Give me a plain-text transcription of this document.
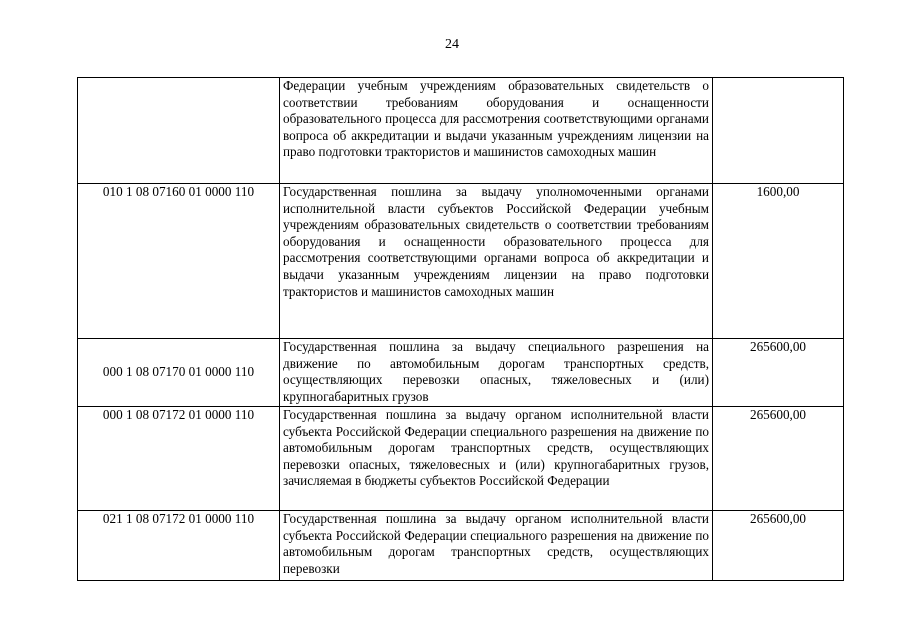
24
	Федерации учебным учреждениям образовательных свидетельств о соответствии требованиям оборудования и оснащенности образовательного процесса для рассмотрения соответствующими органами вопроса об аккредитации и выдачи указанным учреждениям лицензии на право подготовки трактористов и машинистов самоходных машин	
010 1 08 07160 01 0000 110	Государственная пошлина за выдачу уполномоченными органами исполнительной власти субъектов Российской Федерации учебным учреждениям образовательных свидетельств о соответствии требованиям оборудования и оснащенности образовательного процесса для рассмотрения соответствующими органами вопроса об аккредитации и выдачи указанным учреждениям лицензии на право подготовки трактористов и машинистов самоходных машин	1600,00
000 1 08 07170 01 0000 110	Государственная пошлина за выдачу специального разрешения на движение по автомобильным дорогам транспортных средств, осуществляющих перевозки опасных, тяжеловесных и (или) крупногабаритных грузов	265600,00
000 1 08 07172 01 0000 110	Государственная пошлина за выдачу органом исполнительной власти субъекта Российской Федерации специального разрешения на движение по автомобильным дорогам транспортных средств, осуществляющих перевозки опасных, тяжеловесных и (или) крупногабаритных грузов, зачисляемая в бюджеты субъектов Российской Федерации	265600,00
021 1 08 07172 01 0000 110	Государственная пошлина за выдачу органом исполнительной власти субъекта Российской Федерации специального разрешения на движение по автомобильным дорогам транспортных средств, осуществляющих перевозки	265600,00
